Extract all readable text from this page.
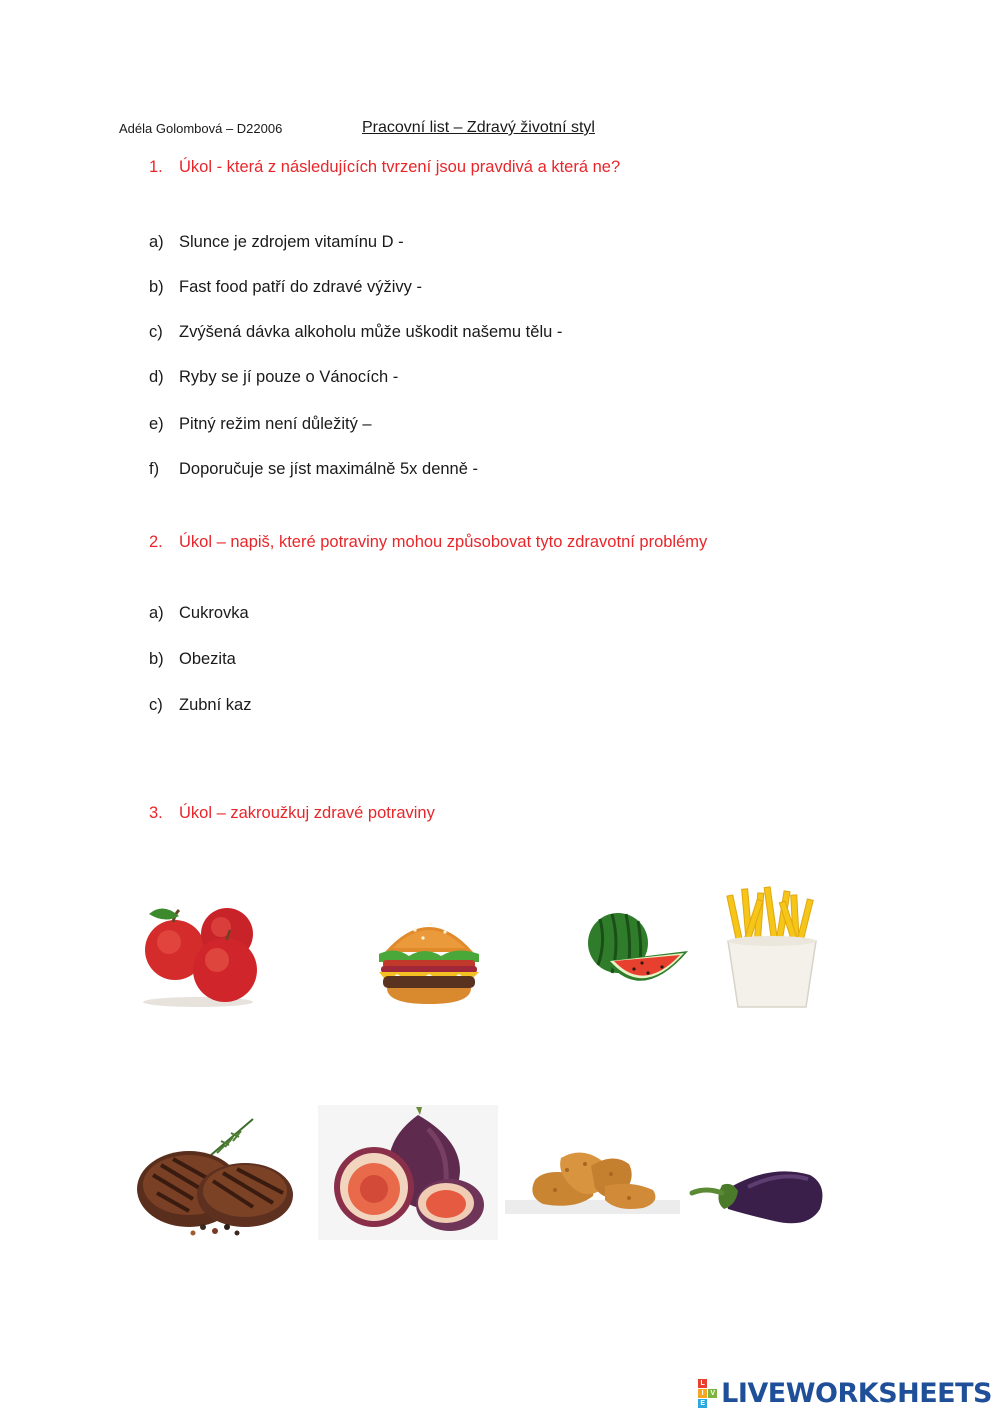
Adéla Golombová – D22006	Pracovní list – Zdravý životní styl
1. Úkol - která z následujících tvrzení jsou pravdivá a která ne?
a) Slunce je zdrojem vitamínu D -
b) Fast food patří do zdravé výživy -
c) Zvýšená dávka alkoholu může uškodit našemu tělu -
d) Ryby se jí pouze o Vánocích -
e) Pitný režim není důležitý –
f) Doporučuje se jíst maximálně 5x denně -
2. Úkol – napiš, které potraviny mohou způsobovat tyto zdravotní problémy
a) Cukrovka
b) Obezita
c) Zubní kaz
3. Úkol – zakroužkuj zdravé potraviny
L
I V
E LIVEWORKSHEETS
